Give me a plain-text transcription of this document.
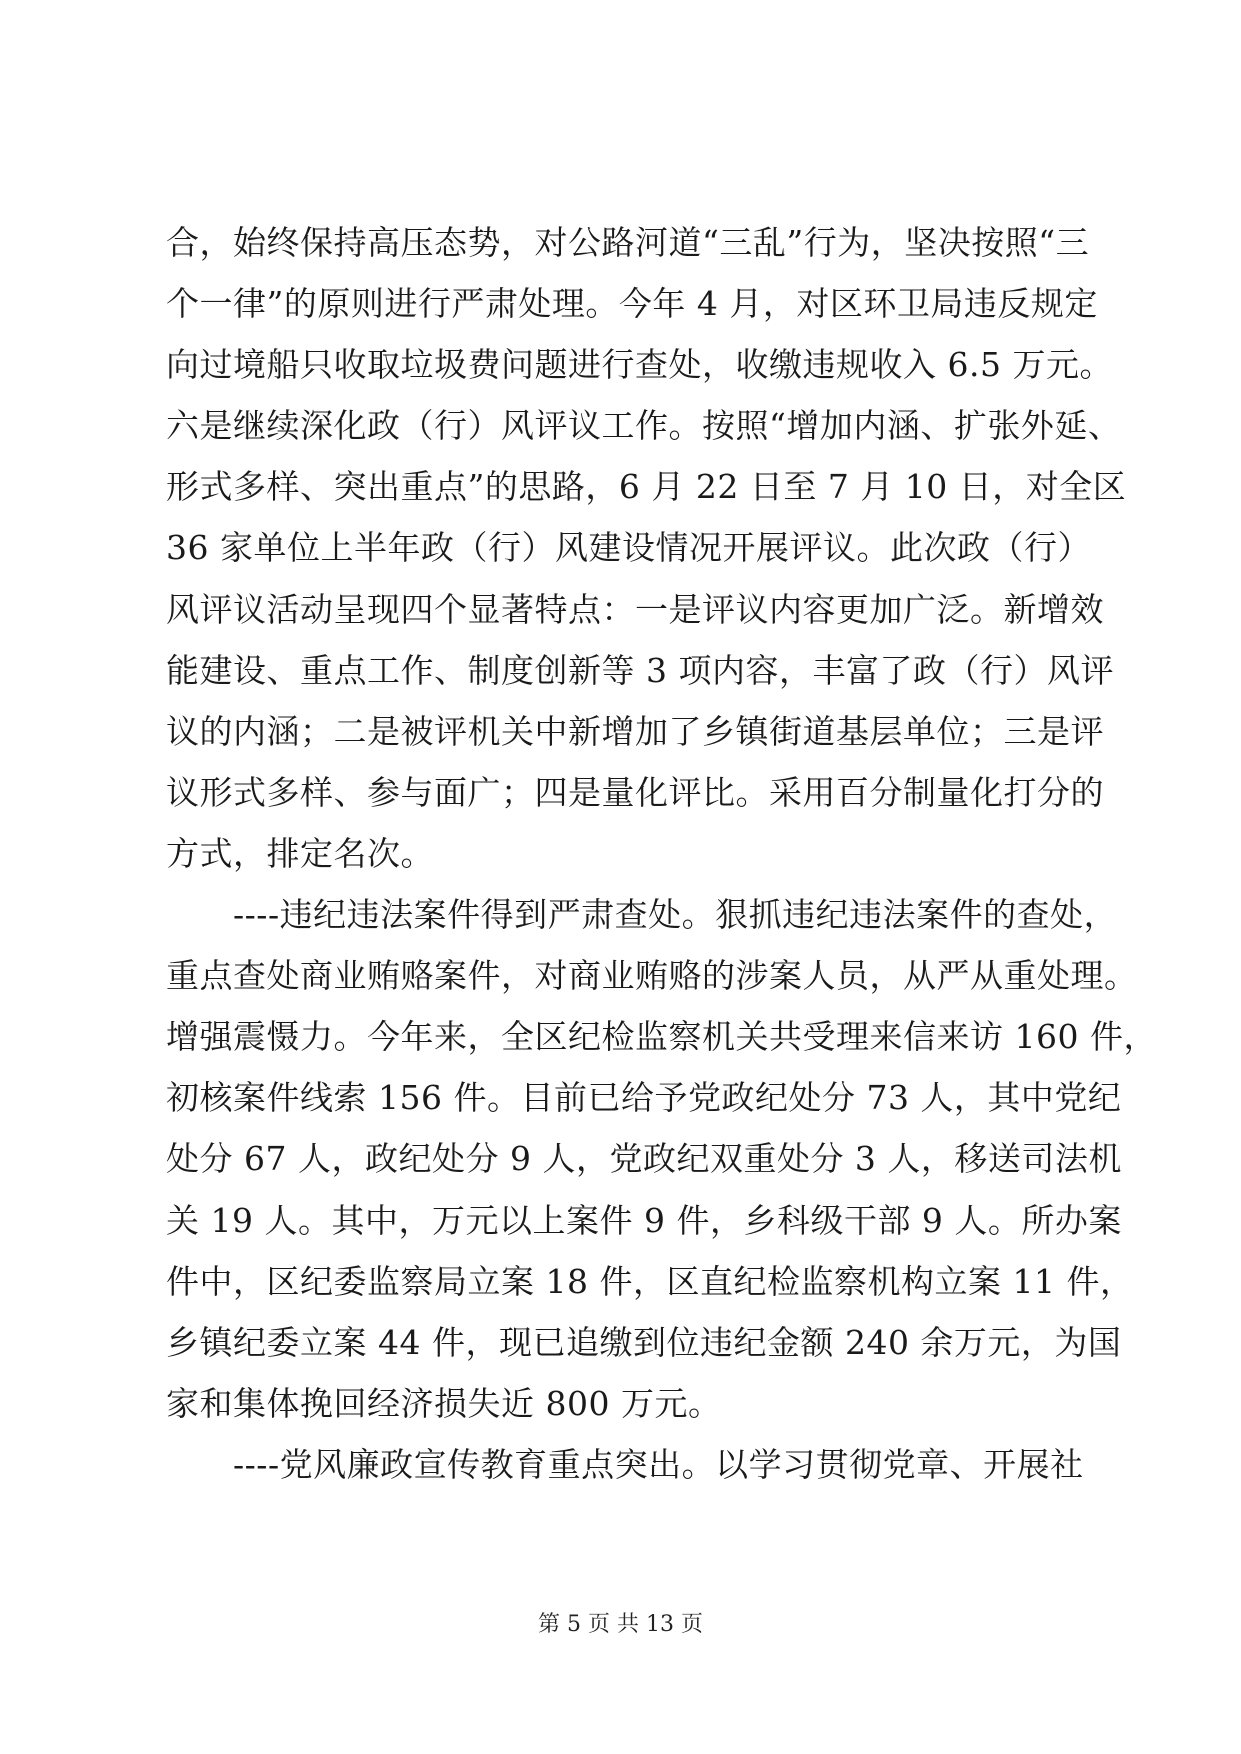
合，始终保持高压态势，对公路河道“三乱”行为，坚决按照“三
个一律”的原则进行严肃处理。今年 4 月，对区环卫局违反规定
向过境船只收取垃圾费问题进行查处，收缴违规收入 6.5 万元。
六是继续深化政（行）风评议工作。按照“增加内涵、扩张外延、
形式多样、突出重点”的思路，6 月 22 日至 7 月 10 日，对全区
36 家单位上半年政（行）风建设情况开展评议。此次政（行）
风评议活动呈现四个显著特点：一是评议内容更加广泛。新增效
能建设、重点工作、制度创新等 3 项内容，丰富了政（行）风评
议的内涵；二是被评机关中新增加了乡镇街道基层单位；三是评
议形式多样、参与面广；四是量化评比。采用百分制量化打分的
方式，排定名次。
　　----违纪违法案件得到严肃查处。狠抓违纪违法案件的查处，
重点查处商业贿赂案件，对商业贿赂的涉案人员，从严从重处理。
增强震慑力。今年来，全区纪检监察机关共受理来信来访 160 件，
初核案件线索 156 件。目前已给予党政纪处分 73 人，其中党纪
处分 67 人，政纪处分 9 人，党政纪双重处分 3 人，移送司法机
关 19 人。其中，万元以上案件 9 件，乡科级干部 9 人。所办案
件中，区纪委监察局立案 18 件，区直纪检监察机构立案 11 件，
乡镇纪委立案 44 件，现已追缴到位违纪金额 240 余万元，为国
家和集体挽回经济损失近 800 万元。
　　----党风廉政宣传教育重点突出。以学习贯彻党章、开展社
第 5 页 共 13 页
